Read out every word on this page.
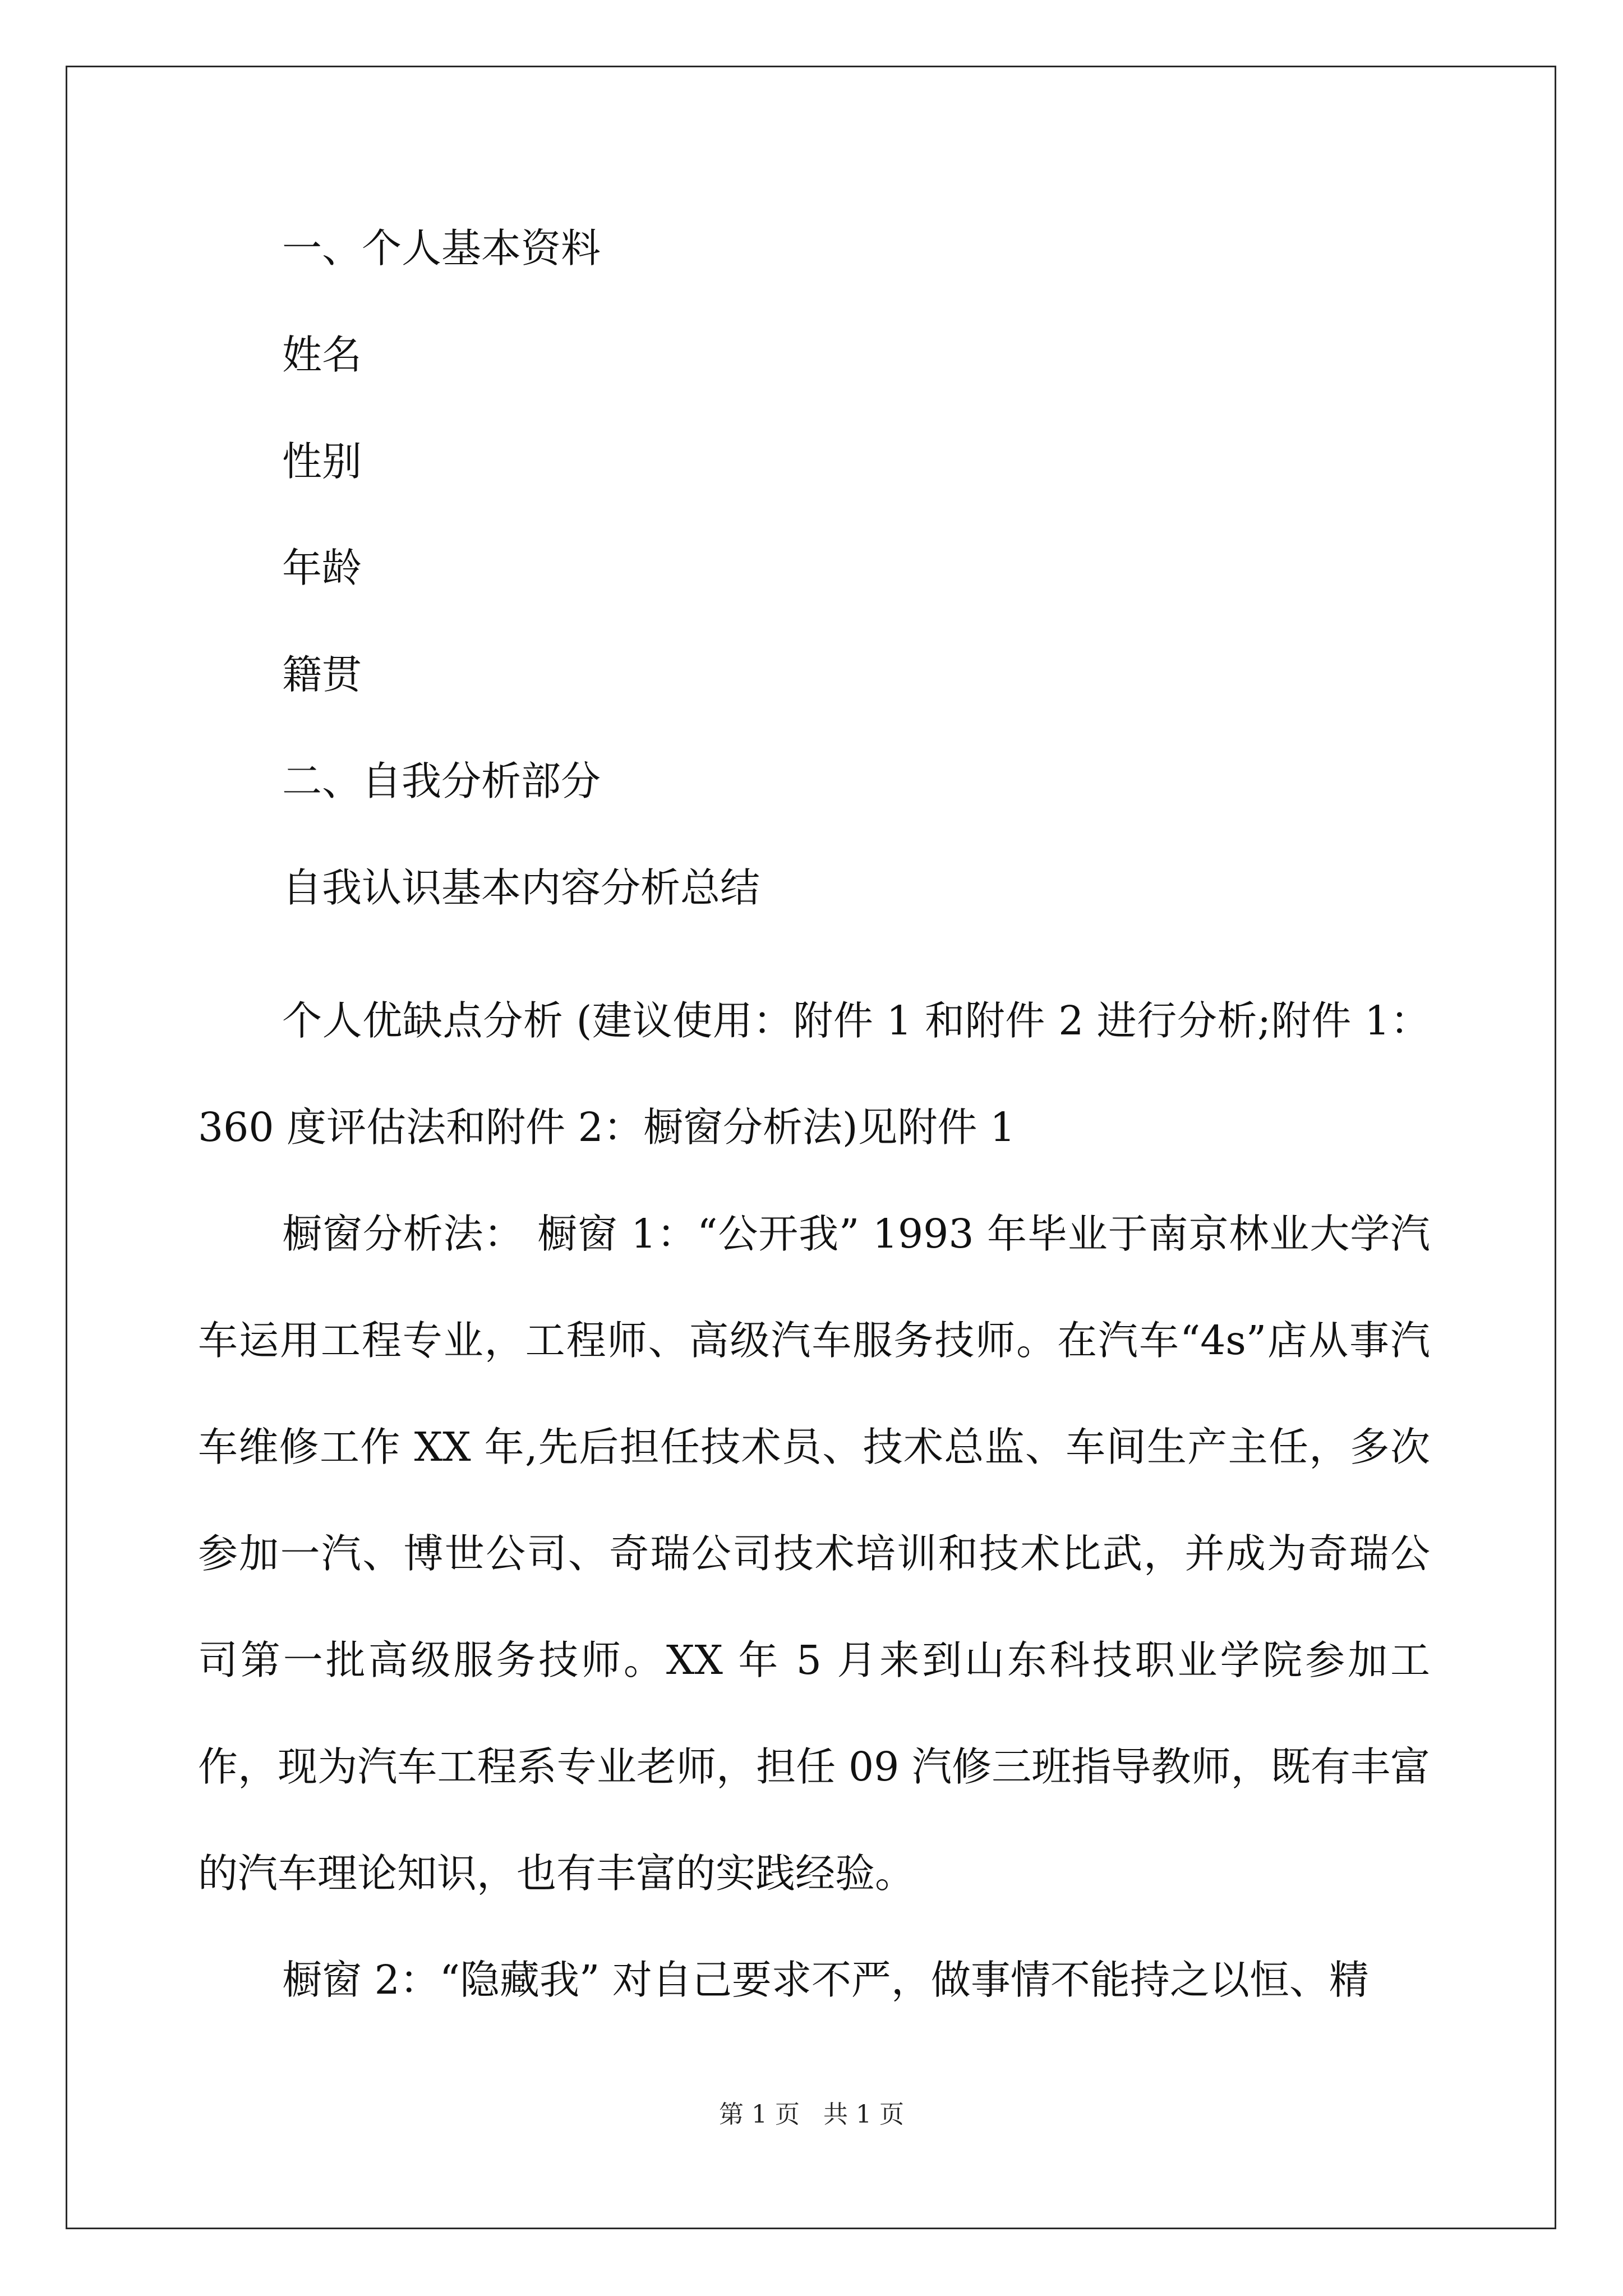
一、个人基本资料
姓名
性别
年龄
籍贯
二、自我分析部分
自我认识基本内容分析总结

个人优缺点分析 (建议使用：附件 1 和附件 2 进行分析;附件 1：360 度评估法和附件 2：橱窗分析法)见附件 1

橱窗分析法： 橱窗 1：“公开我” 1993 年毕业于南京林业大学汽车运用工程专业，工程师、高级汽车服务技师。在汽车“4s”店从事汽车维修工作 XX 年,先后担任技术员、技术总监、车间生产主任，多次参加一汽、博世公司、奇瑞公司技术培训和技术比武，并成为奇瑞公司第一批高级服务技师。XX 年 5 月来到山东科技职业学院参加工作，现为汽车工程系专业老师，担任 09 汽修三班指导教师，既有丰富的汽车理论知识，也有丰富的实践经验。

橱窗 2：“隐藏我” 对自己要求不严，做事情不能持之以恒、精

第 1 页 共 1 页
